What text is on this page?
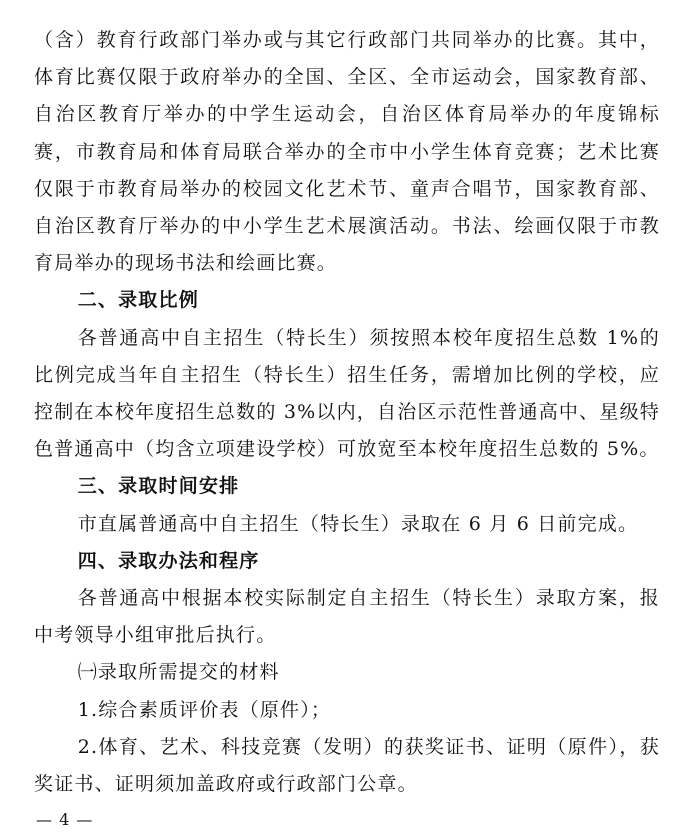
（含）教育行政部门举办或与其它行政部门共同举办的比赛。其中，体育比赛仅限于政府举办的全国、全区、全市运动会，国家教育部、自治区教育厅举办的中学生运动会，自治区体育局举办的年度锦标赛，市教育局和体育局联合举办的全市中小学生体育竞赛；艺术比赛仅限于市教育局举办的校园文化艺术节、童声合唱节，国家教育部、自治区教育厅举办的中小学生艺术展演活动。书法、绘画仅限于市教育局举办的现场书法和绘画比赛。

二、录取比例

各普通高中自主招生（特长生）须按照本校年度招生总数 1%的比例完成当年自主招生（特长生）招生任务，需增加比例的学校，应控制在本校年度招生总数的 3%以内，自治区示范性普通高中、星级特色普通高中（均含立项建设学校）可放宽至本校年度招生总数的 5%。

三、录取时间安排

市直属普通高中自主招生（特长生）录取在 6 月 6 日前完成。

四、录取办法和程序

各普通高中根据本校实际制定自主招生（特长生）录取方案，报中考领导小组审批后执行。

㈠录取所需提交的材料

1.综合素质评价表（原件）；

2.体育、艺术、科技竞赛（发明）的获奖证书、证明（原件），获奖证书、证明须加盖政府或行政部门公章。

— 4 —
